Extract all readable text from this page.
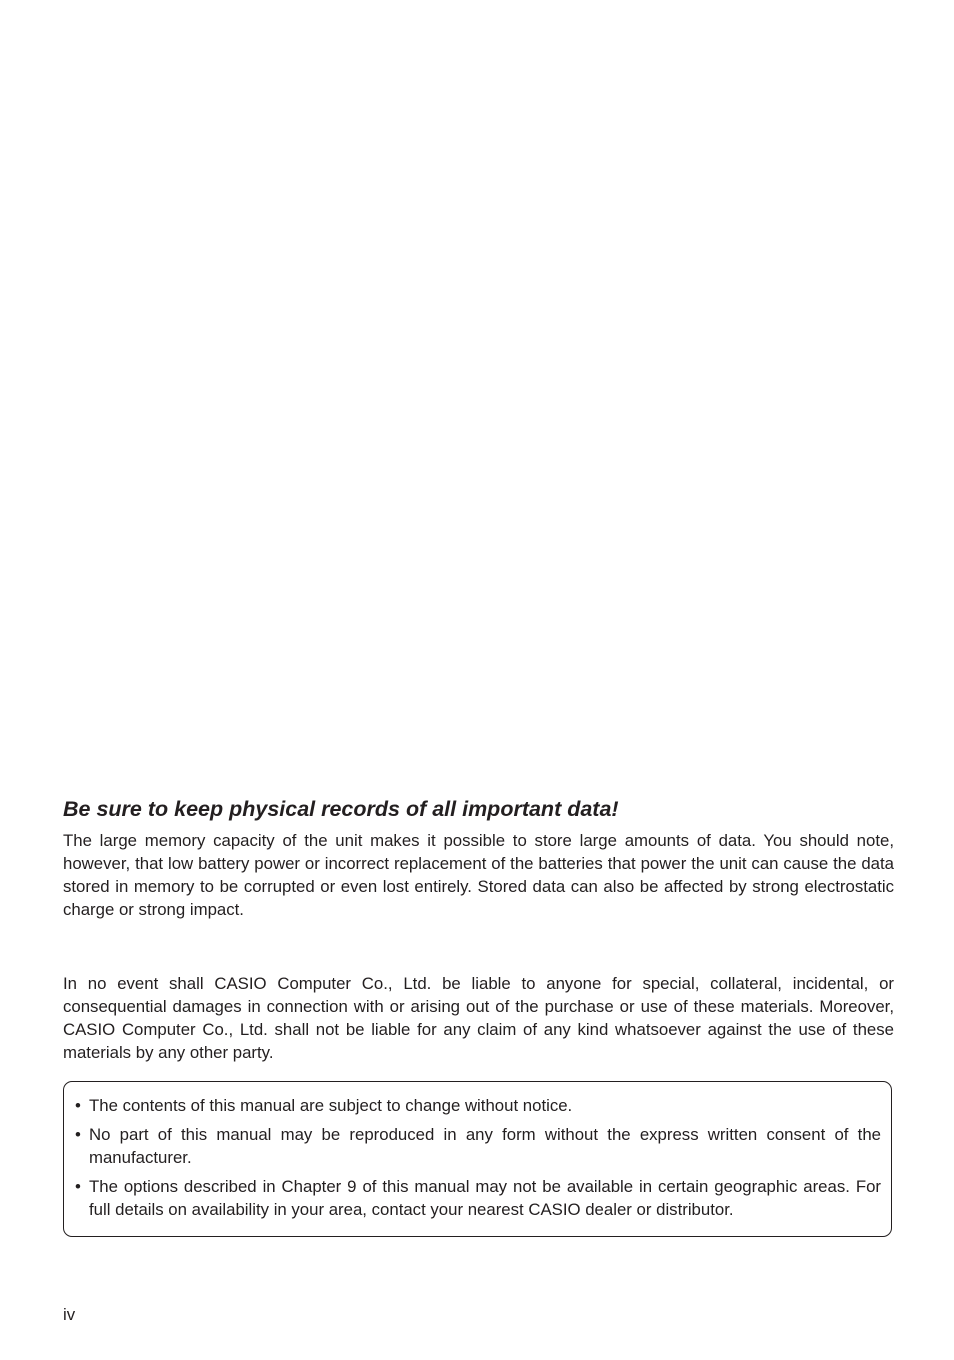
Be sure to keep physical records of all important data!

The large memory capacity of the unit makes it possible to store large amounts of data. You should note, however, that low battery power or incorrect replacement of the batteries that power the unit can cause the data stored in memory to be corrupted or even lost entirely. Stored data can also be affected by strong electrostatic charge or strong impact.

In no event shall CASIO Computer Co., Ltd. be liable to anyone for special, collateral, incidental, or consequential damages in connection with or arising out of the purchase or use of these materials. Moreover, CASIO Computer Co., Ltd. shall not be liable for any claim of any kind whatsoever against the use of these materials by any other party.

• The contents of this manual are subject to change without notice.
• No part of this manual may be reproduced in any form without the express written consent of the manufacturer.
• The options described in Chapter 9 of this manual may not be available in certain geographic areas. For full details on availability in your area, contact your nearest CASIO dealer or distributor.
iv
